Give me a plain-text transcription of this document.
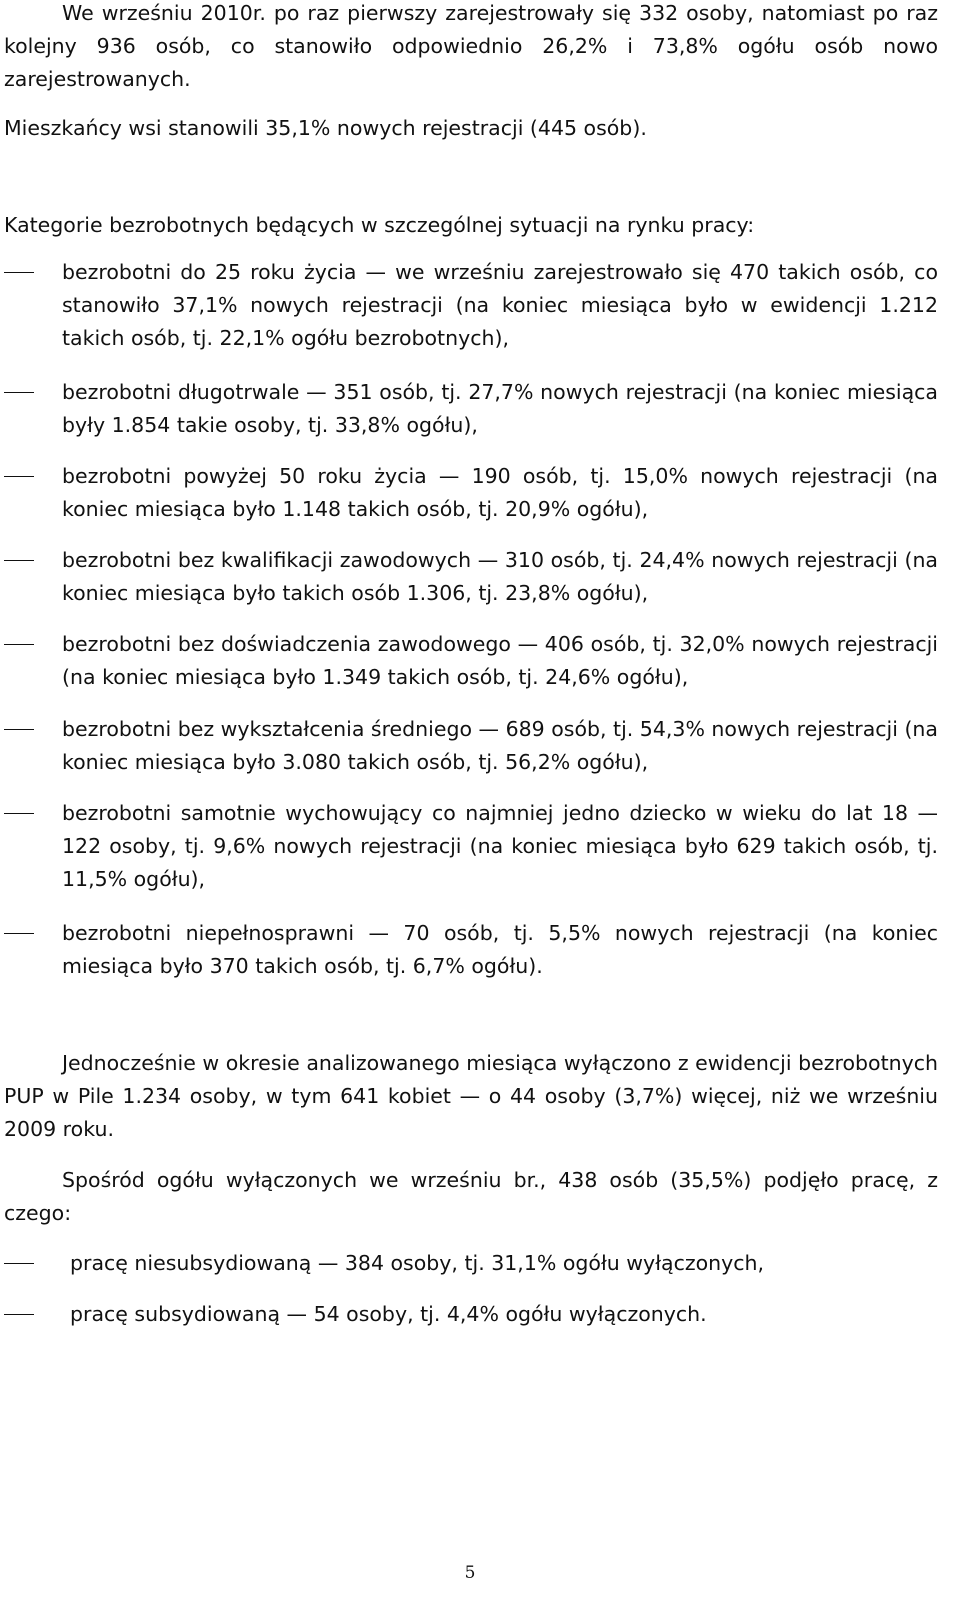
We wrześniu 2010r. po raz pierwszy zarejestrowały się 332 osoby, natomiast po raz kolejny 936 osób, co stanowiło odpowiednio 26,2% i 73,8% ogółu osób nowo zarejestrowanych.

Mieszkańcy wsi stanowili 35,1% nowych rejestracji (445 osób).

Kategorie bezrobotnych będących w szczególnej sytuacji na rynku pracy:

bezrobotni do 25 roku życia — we wrześniu zarejestrowało się 470 takich osób, co stanowiło 37,1% nowych rejestracji (na koniec miesiąca było w ewidencji 1.212 takich osób, tj. 22,1% ogółu bezrobotnych),
bezrobotni długotrwale — 351 osób, tj. 27,7% nowych rejestracji (na koniec miesiąca były 1.854 takie osoby, tj. 33,8% ogółu),
bezrobotni powyżej 50 roku życia — 190 osób, tj. 15,0% nowych rejestracji (na koniec miesiąca było 1.148 takich osób, tj. 20,9% ogółu),
bezrobotni bez kwalifikacji zawodowych — 310 osób, tj. 24,4% nowych rejestracji (na koniec miesiąca było takich osób 1.306, tj. 23,8% ogółu),
bezrobotni bez doświadczenia zawodowego — 406 osób, tj. 32,0% nowych rejestracji (na koniec miesiąca było 1.349 takich osób, tj. 24,6% ogółu),
bezrobotni bez wykształcenia średniego — 689 osób, tj. 54,3% nowych rejestracji (na koniec miesiąca było 3.080 takich osób, tj. 56,2% ogółu),
bezrobotni samotnie wychowujący co najmniej jedno dziecko w wieku do lat 18 — 122 osoby, tj. 9,6% nowych rejestracji (na koniec miesiąca było 629 takich osób, tj. 11,5% ogółu),
bezrobotni niepełnosprawni — 70 osób, tj. 5,5% nowych rejestracji (na koniec miesiąca było 370 takich osób, tj. 6,7% ogółu).

Jednocześnie w okresie analizowanego miesiąca wyłączono z ewidencji bezrobotnych PUP w Pile 1.234 osoby, w tym 641 kobiet — o 44 osoby (3,7%) więcej, niż we wrześniu 2009 roku.

Spośród ogółu wyłączonych we wrześniu br., 438 osób (35,5%) podjęło pracę, z czego:

pracę niesubsydiowaną — 384 osoby, tj. 31,1% ogółu wyłączonych,
pracę subsydiowaną — 54 osoby, tj. 4,4% ogółu wyłączonych.
5
